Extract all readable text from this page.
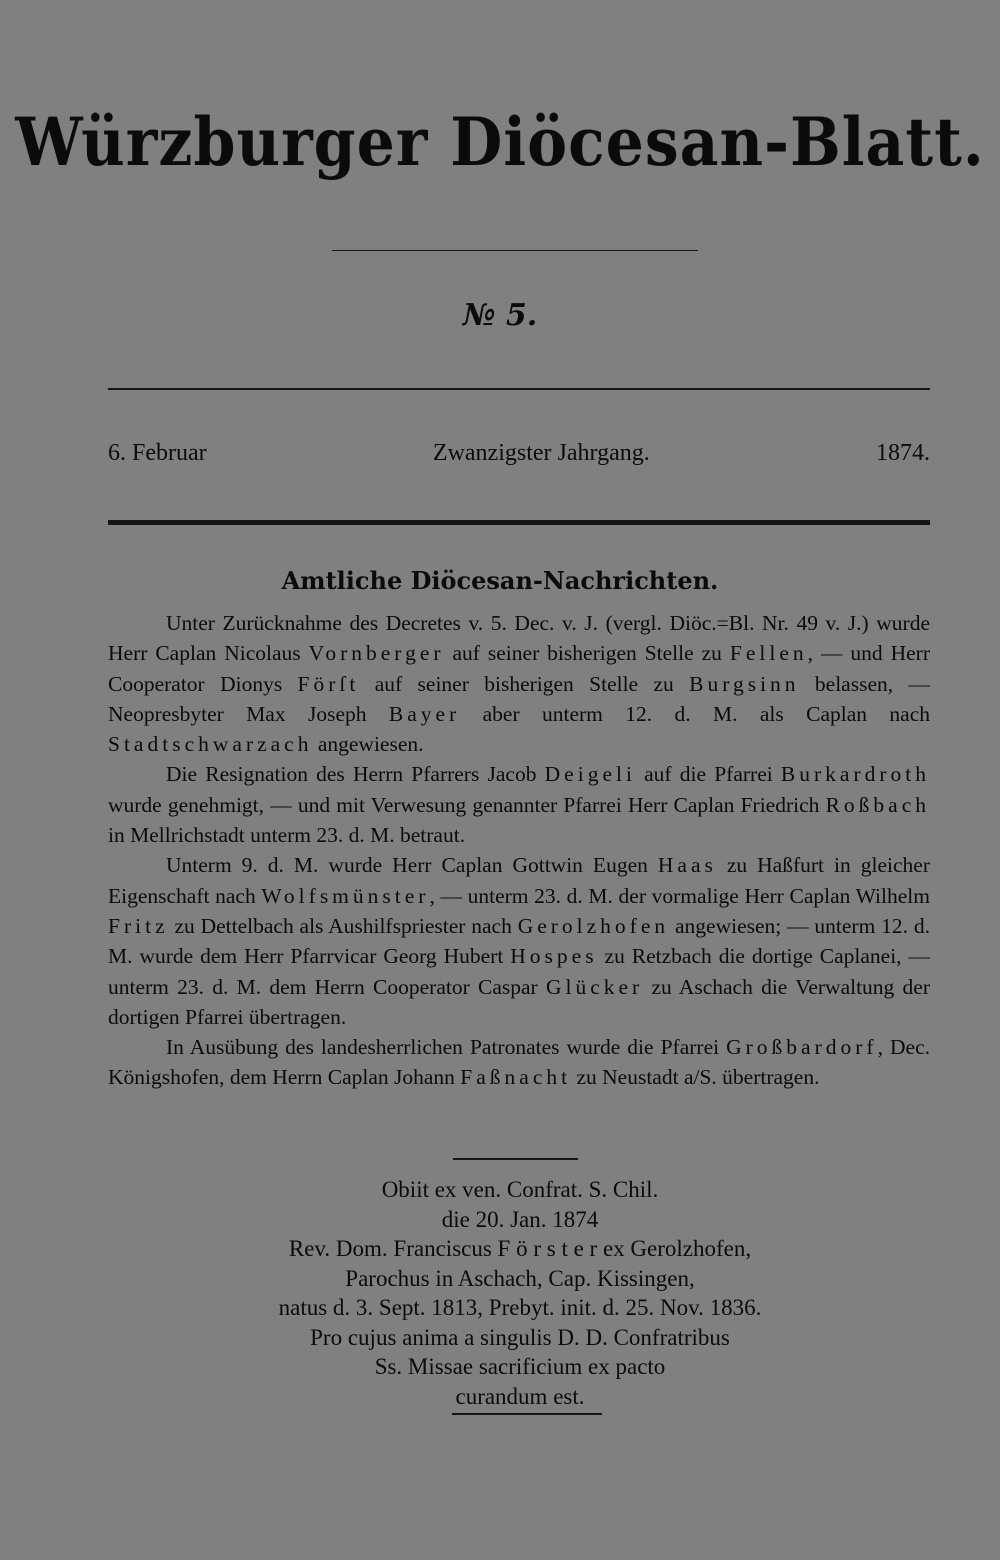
Würzburger Diöcesan-Blatt.
№ 5.
6. Februar	Zwanzigster Jahrgang.	1874.
Amtliche Diöcesan-Nachrichten.

Unter Zurücknahme des Decretes v. 5. Dec. v. J. (vergl. Diöc.=Bl. Nr. 49 v. J.) wurde Herr Caplan Nicolaus Vornberger auf seiner bisherigen Stelle zu Fellen, — und Herr Cooperator Dionys Förſt auf seiner bisherigen Stelle zu Burgsinn belassen, — Neopresbyter Max Joseph Bayer aber unterm 12. d. M. als Caplan nach Stadtschwarzach angewiesen.

Die Resignation des Herrn Pfarrers Jacob Deigeli auf die Pfarrei Burkardroth wurde genehmigt, — und mit Verwesung genannter Pfarrei Herr Caplan Friedrich Roßbach in Mellrichstadt unterm 23. d. M. betraut.

Unterm 9. d. M. wurde Herr Caplan Gottwin Eugen Haas zu Haßfurt in gleicher Eigenschaft nach Wolfsmünster, — unterm 23. d. M. der vormalige Herr Caplan Wilhelm Fritz zu Dettelbach als Aushilfspriester nach Gerolzhofen angewiesen; — unterm 12. d. M. wurde dem Herr Pfarrvicar Georg Hubert Hospes zu Retzbach die dortige Caplanei, — unterm 23. d. M. dem Herrn Cooperator Caspar Glücker zu Aschach die Verwaltung der dortigen Pfarrei übertragen.

In Ausübung des landesherrlichen Patronates wurde die Pfarrei Großbardorf, Dec. Königshofen, dem Herrn Caplan Johann Faßnacht zu Neustadt a/S. übertragen.

Obiit ex ven. Confrat. S. Chil.
die 20. Jan. 1874
Rev. Dom. Franciscus F ö r s t e r ex Gerolzhofen,
Parochus in Aschach, Cap. Kissingen,
natus d. 3. Sept. 1813, Prebyt. init. d. 25. Nov. 1836.
Pro cujus anima a singulis D. D. Confratribus
Ss. Missae sacrificium ex pacto
curandum est.
